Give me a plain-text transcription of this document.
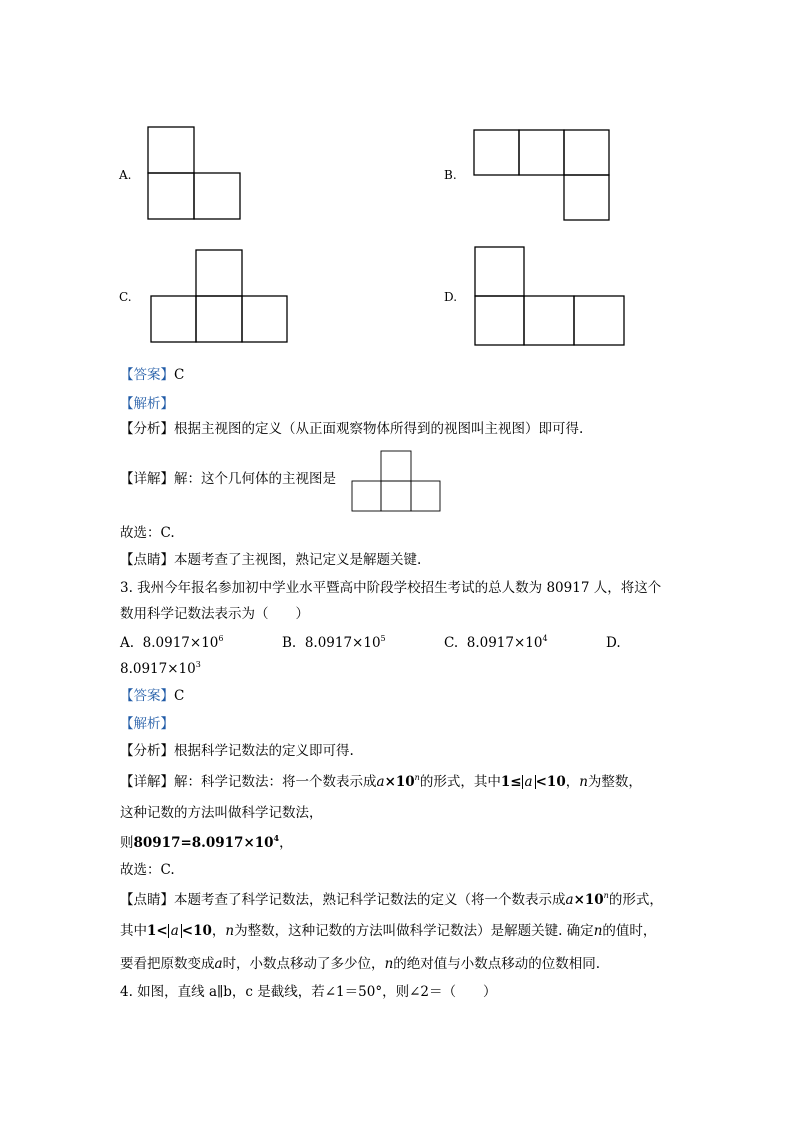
A.	B.
C.	D.
【答案】C
【解析】
【分析】根据主视图的定义（从正面观察物体所得到的视图叫主视图）即可得.
【详解】解：这个几何体的主视图是
故选：C.
【点睛】本题考查了主视图，熟记定义是解题关键.
3. 我州今年报名参加初中学业水平暨高中阶段学校招生考试的总人数为 80917 人，将这个
数用科学记数法表示为（　　）
A. $8.0917\times 10^6$	B. $8.0917\times 10^5$	C. $8.0917\times 10^4$	D.
$8.0917\times 10^3$
【答案】C
【解析】
【分析】根据科学记数法的定义即可得.
【详解】解：科学记数法：将一个数表示成$a\times 10^n$的形式，其中1≤ a <10，n为整数，
这种记数的方法叫做科学记数法，
则$80917=8.0917\times 10^4$，
故选：C.
【点睛】本题考查了科学记数法，熟记科学记数法的定义（将一个数表示成$a\times 10^n$的形式，
其中1< a <10，n为整数，这种记数的方法叫做科学记数法）是解题关键. 确定n的值时，
要看把原数变成a时，小数点移动了多少位，n的绝对值与小数点移动的位数相同.
4. 如图，直线 a∥b，c 是截线，若∠1＝50°，则∠2＝（　　）
